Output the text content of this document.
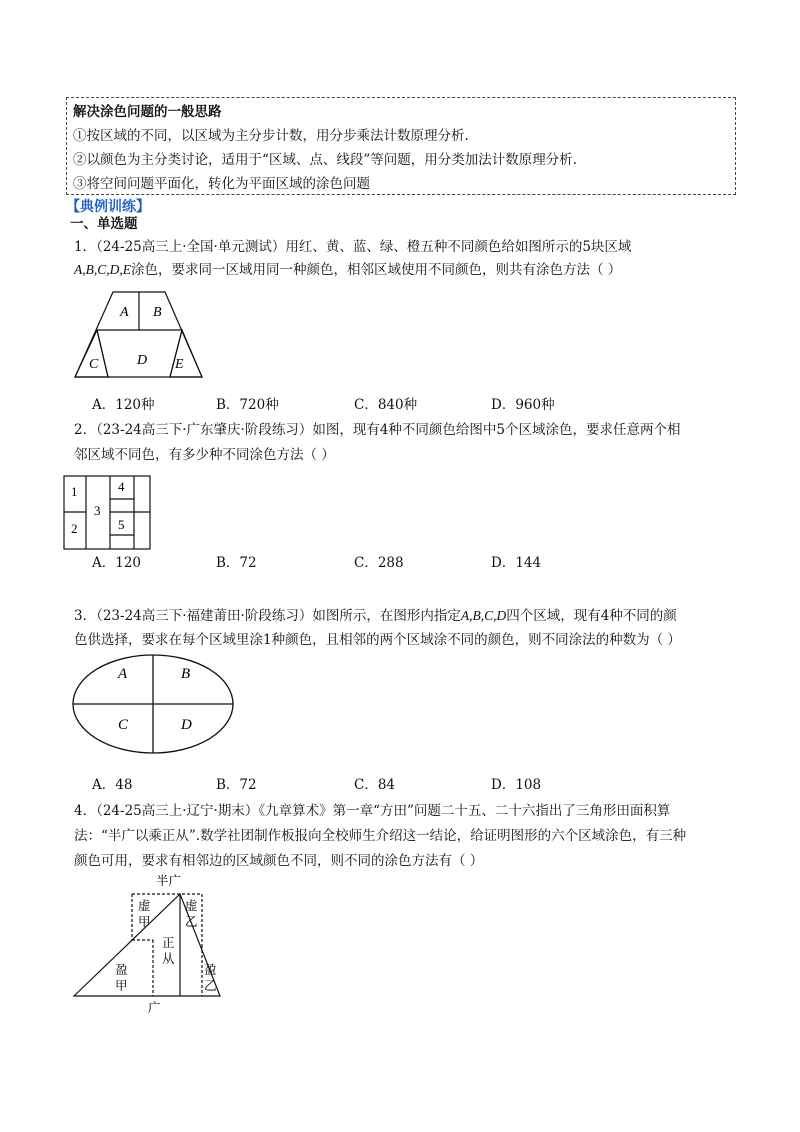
解决涂色问题的一般思路
①按区域的不同，以区域为主分步计数，用分步乘法计数原理分析.
②以颜色为主分类讨论，适用于“区域、点、线段”等问题，用分类加法计数原理分析.
③将空间问题平面化，转化为平面区域的涂色问题
【典例训练】
一、单选题
1．（24-25高三上·全国·单元测试）用红、黄、蓝、绿、橙五种不同颜色给如图所示的5块区域
A,B,C,D,E涂色，要求同一区域用同一种颜色，相邻区域使用不同颜色，则共有涂色方法（ ）
A B
C	D E
A．120种	B．720种	C．840种	D．960种
2．（23-24高三下·广东肇庆·阶段练习）如图，现有4种不同颜色给图中5个区域涂色，要求任意两个相
邻区域不同色，有多少种不同涂色方法（ ）
1
2
3
4
5
A．120	B．72	C．288	D．144
3．（23-24高三下·福建莆田·阶段练习）如图所示，在图形内指定A,B,C,D四个区域，现有4种不同的颜
色供选择，要求在每个区域里涂1种颜色，且相邻的两个区域涂不同的颜色，则不同涂法的种数为（ ）
A	B
C	D
A．48	B．72	C．84	D．108
4．（24-25高三上·辽宁·期末）《九章算术》第一章“方田”问题二十五、二十六指出了三角形田面积算
法：“半广以乘正从”.数学社团制作板报向全校师生介绍这一结论，给证明图形的六个区域涂色，有三种
颜色可用，要求有相邻边的区域颜色不同，则不同的涂色方法有（ ）
半广
虚
甲
虚
乙
正
从
盈
甲
盈
乙
广
